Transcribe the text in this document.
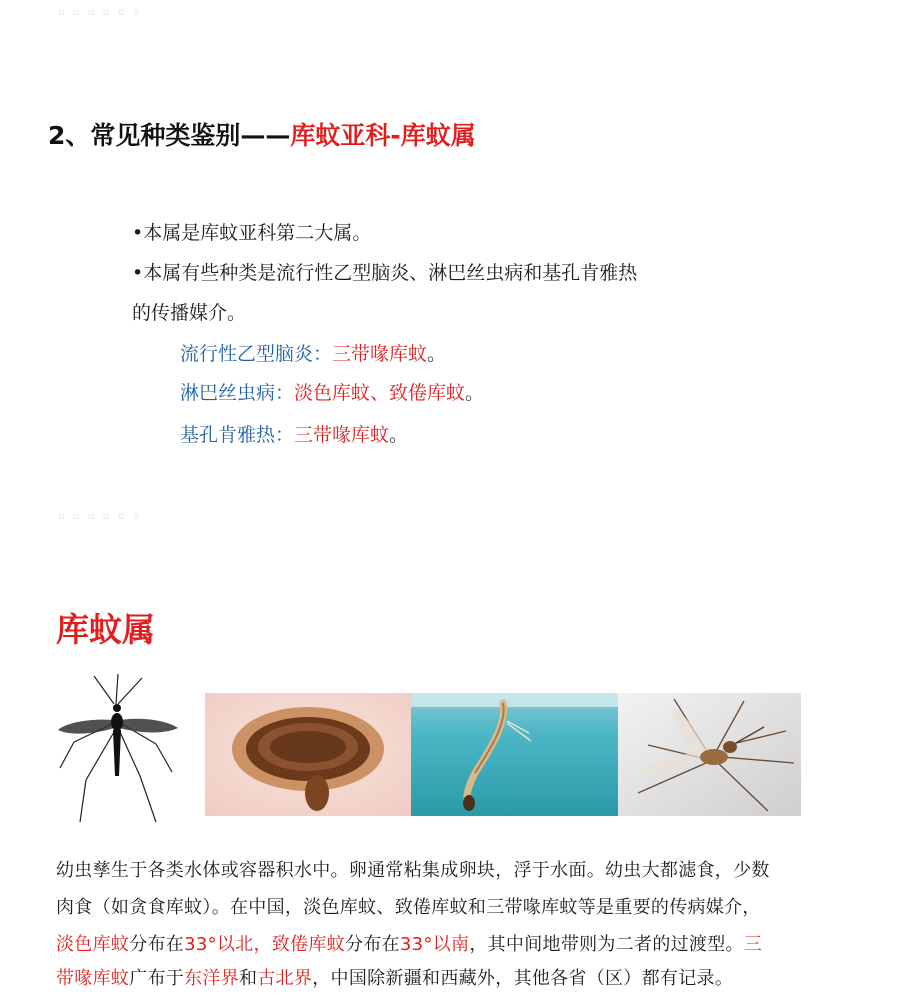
▫ ▫ ▫ ▫ ▫ ▫
2、常见种类鉴别——库蚊亚科-库蚊属
•本属是库蚊亚科第二大属。
•本属有些种类是流行性乙型脑炎、淋巴丝虫病和基孔肯雅热
的传播媒介。
流行性乙型脑炎：三带喙库蚊。
淋巴丝虫病：淡色库蚊、致倦库蚊。
基孔肯雅热：三带喙库蚊。
▫ ▫ ▫ ▫ ▫ ▫
库蚊属
幼虫孳生于各类水体或容器积水中。卵通常粘集成卵块，浮于水面。幼虫大都滤食，少数
肉食（如贪食库蚊）。在中国，淡色库蚊、致倦库蚊和三带喙库蚊等是重要的传病媒介，
淡色库蚊分布在33°以北，致倦库蚊分布在33°以南，其中间地带则为二者的过渡型。三
带喙库蚊广布于东洋界和古北界，中国除新疆和西藏外，其他各省（区）都有记录。
